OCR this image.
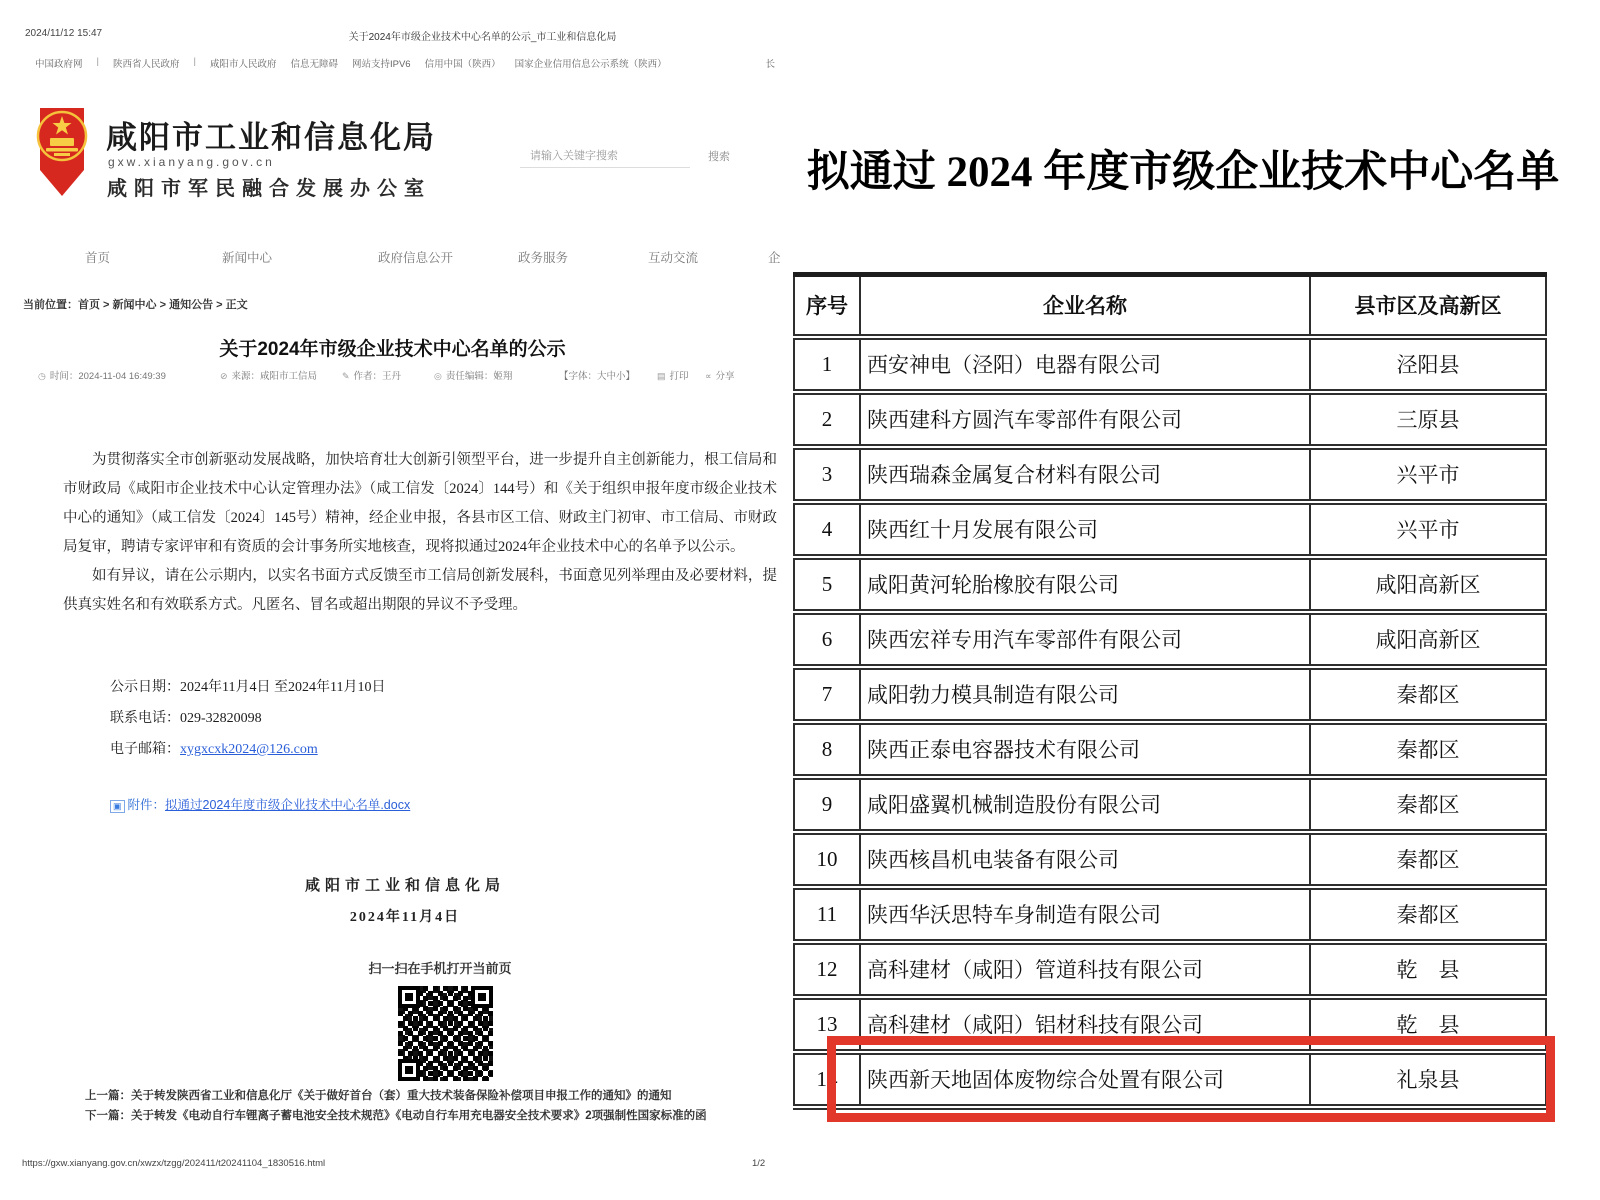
2024/11/12 15:47	关于2024年市级企业技术中心名单的公示_市工业和信息化局
中国政府网 | 陕西省人民政府 | 咸阳市人民政府 信息无障碍 网站支持IPV6 信用中国（陕西） 国家企业信用信息公示系统（陕西）	长
咸阳市工业和信息化局
gxw.xianyang.gov.cn
咸阳市军民融合发展办公室
请输入关键字搜索	搜索
首页	新闻中心	政府信息公开	政务服务	互动交流	企
当前位置：首页 > 新闻中心 > 通知公告 > 正文
关于2024年市级企业技术中心名单的公示
◷ 时间：2024-11-04 16:49:39	⊘ 来源：咸阳市工信局	✎ 作者：王丹	◎ 责任编辑：姬翔	【字体：大中小】	▤ 打印	∝ 分享

为贯彻落实全市创新驱动发展战略，加快培育壮大创新引领型平台，进一步提升自主创新能力，根工信局和市财政局《咸阳市企业技术中心认定管理办法》（咸工信发〔2024〕144号）和《关于组织申报年度市级企业技术中心的通知》（咸工信发〔2024〕145号）精神，经企业申报，各县市区工信、财政主门初审、市工信局、市财政局复审，聘请专家评审和有资质的会计事务所实地核查，现将拟通过2024年企业技术中心的名单予以公示。

如有异议，请在公示期内，以实名书面方式反馈至市工信局创新发展科，书面意见列举理由及必要材料，提供真实姓名和有效联系方式。凡匿名、冒名或超出期限的异议不予受理。

公示日期：2024年11月4日 至2024年11月10日
联系电话：029-32820098
电子邮箱：xygxcxk2024@126.com
▣ 附件：拟通过2024年度市级企业技术中心名单.docx
咸阳市工业和信息化局
2024年11月4日
扫一扫在手机打开当前页
上一篇：关于转发陕西省工业和信息化厅《关于做好首台（套）重大技术装备保险补偿项目申报工作的通知》的通知
下一篇：关于转发《电动自行车锂离子蓄电池安全技术规范》《电动自行车用充电器安全技术要求》2项强制性国家标准的函
https://gxw.xianyang.gov.cn/xwzx/tzgg/202411/t20241104_1830516.html	1/2
拟通过 2024 年度市级企业技术中心名单
序号	企业名称	县市区及高新区
1	西安神电（泾阳）电器有限公司	泾阳县
2	陕西建科方圆汽车零部件有限公司	三原县
3	陕西瑞森金属复合材料有限公司	兴平市
4	陕西红十月发展有限公司	兴平市
5	咸阳黄河轮胎橡胶有限公司	咸阳高新区
6	陕西宏祥专用汽车零部件有限公司	咸阳高新区
7	咸阳勃力模具制造有限公司	秦都区
8	陕西正泰电容器技术有限公司	秦都区
9	咸阳盛翼机械制造股份有限公司	秦都区
10	陕西核昌机电装备有限公司	秦都区
11	陕西华沃思特车身制造有限公司	秦都区
12	高科建材（咸阳）管道科技有限公司	乾　县
13	高科建材（咸阳）铝材科技有限公司	乾　县
14	陕西新天地固体废物综合处置有限公司	礼泉县
